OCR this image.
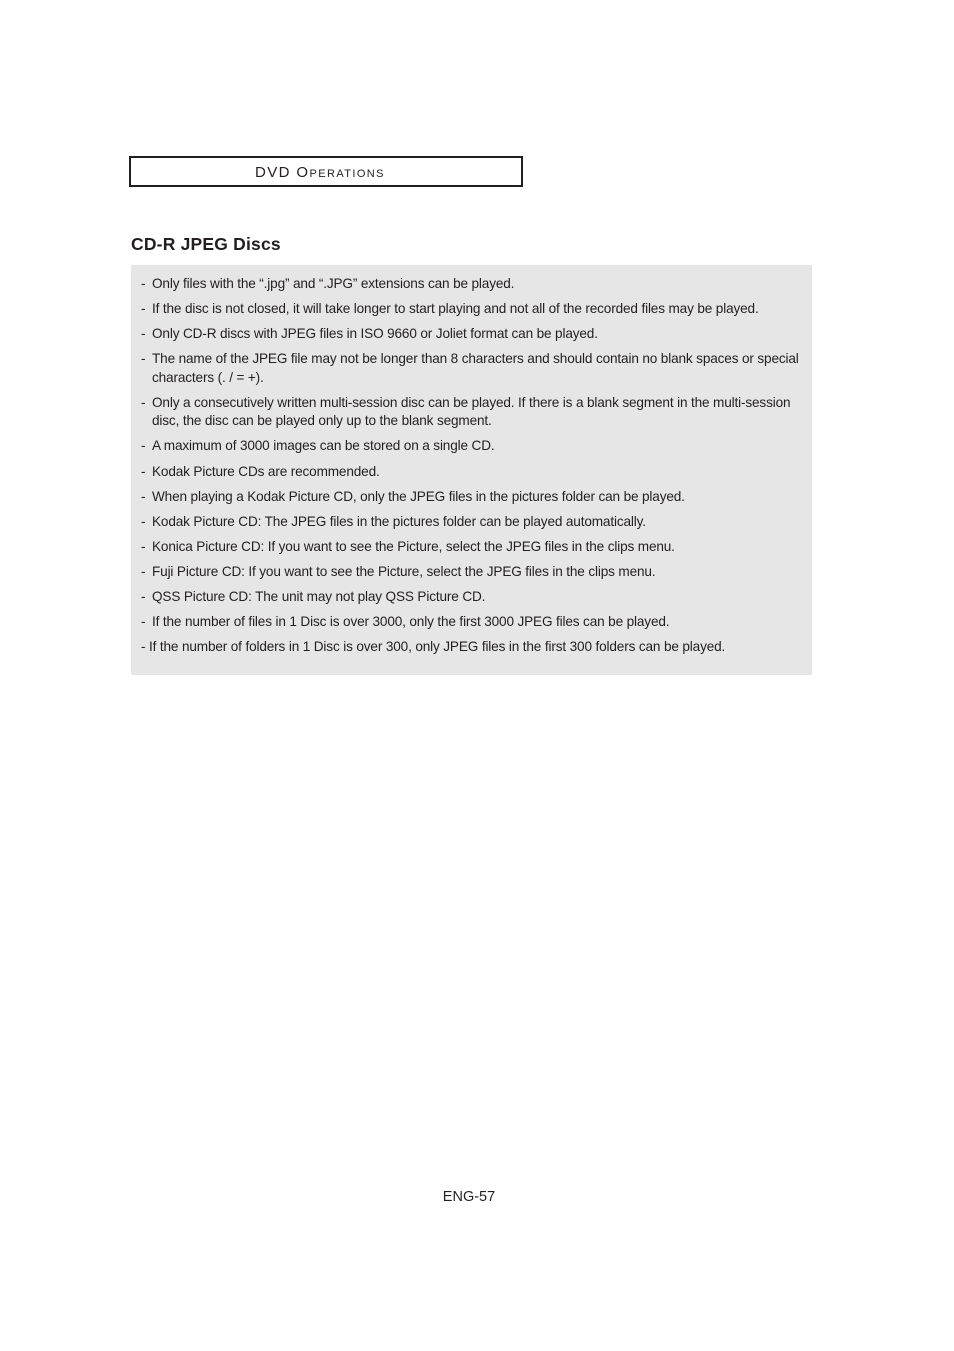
DVD Operations
CD-R JPEG Discs
- Only files with the “.jpg” and “.JPG” extensions can be played.
- If the disc is not closed, it will take longer to start playing and not all of the recorded files may be played.
- Only CD-R discs with JPEG files in ISO 9660 or Joliet format can be played.
- The name of the JPEG file may not be longer than 8 characters and should contain no blank spaces or special characters (. / = +).
- Only a consecutively written multi-session disc can be played. If there is a blank segment in the multi-session disc, the disc can be played only up to the blank segment.
- A maximum of 3000 images can be stored on a single CD.
- Kodak Picture CDs are recommended.
- When playing a Kodak Picture CD, only the JPEG files in the pictures folder can be played.
- Kodak Picture CD: The JPEG files in the pictures folder can be played automatically.
- Konica Picture CD: If you want to see the Picture, select the JPEG files in the clips menu.
- Fuji Picture CD: If you want to see the Picture, select the JPEG files in the clips menu.
- QSS Picture CD: The unit may not play QSS Picture CD.
- If the number of files in 1 Disc is over 3000, only the first 3000 JPEG files can be played.
- If the number of folders in 1 Disc is over 300, only JPEG files in the first 300 folders can be played.
ENG-57
